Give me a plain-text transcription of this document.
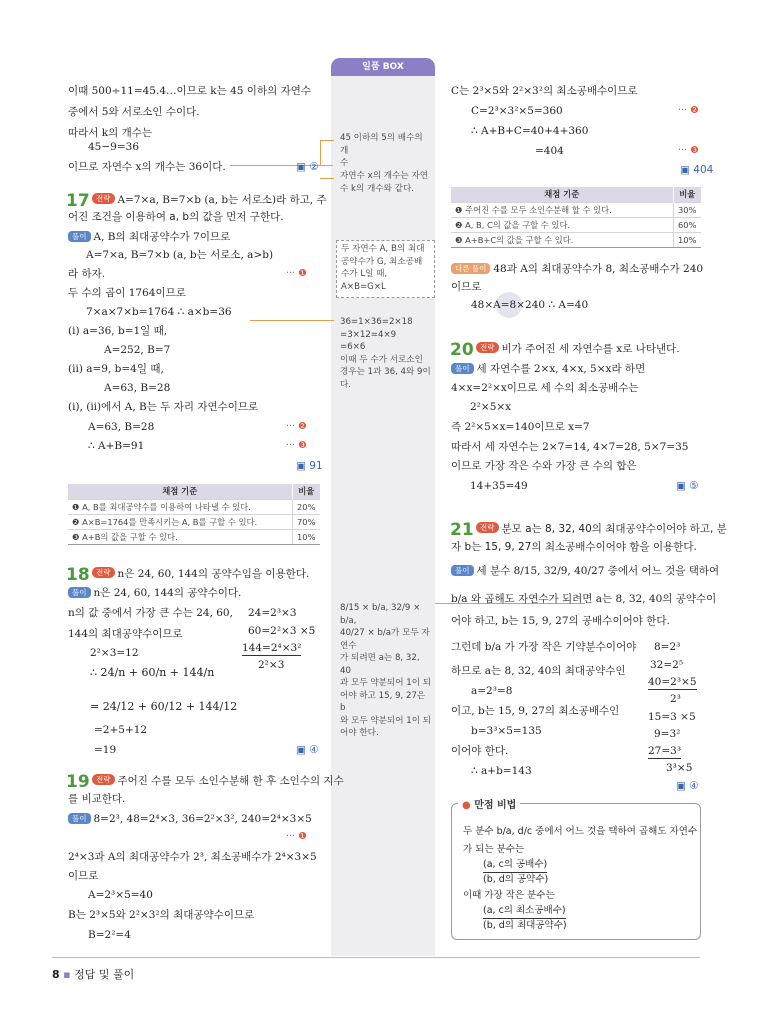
일품 BOX
45 이하의 5의 배수의 개
수
자연수 x의 개수는 자연
수 k의 개수와 같다.
두 자연수 A, B의 최대
공약수가 G, 최소공배
수가 L일 때,
A×B=G×L
36=1×36=2×18
=3×12=4×9
=6×6
이때 두 수가 서로소인
경우는 1과 36, 4와 9이
다.
8/15 × b/a, 32/9 × b/a,
40/27 × b/a가 모두 자연수
가 되려면 a는 8, 32, 40
과 모두 약분되어 1이 되
어야 하고 15, 9, 27은 b
와 모두 약분되어 1이 되
어야 한다.
이때 500÷11=45.4…이므로 k는 45 이하의 자연수
중에서 5와 서로소인 수이다.
따라서 k의 개수는
45−9=36
이므로 자연수 x의 개수는 36이다.	▣ ②
17 전략 A=7×a, B=7×b (a, b는 서로소)라 하고, 주
어진 조건을 이용하여 a, b의 값을 먼저 구한다.
풀이 A, B의 최대공약수가 7이므로
A=7×a, B=7×b (a, b는 서로소, a>b)
라 하자.	··· ❶
두 수의 곱이 1764이므로
7×a×7×b=1764 ∴ a×b=36
(i) a=36, b=1일 때,
A=252, B=7
(ii) a=9, b=4일 때,
A=63, B=28
(i), (ii)에서 A, B는 두 자리 자연수이므로
A=63, B=28	··· ❷
∴ A+B=91	··· ❸
▣ 91
채점 기준	비율
❶ A, B를 최대공약수를 이용하여 나타낼 수 있다.	20%
❷ A×B=1764를 만족시키는 A, B를 구할 수 있다.	70%
❸ A+B의 값을 구할 수 있다.	10%
18 전략 n은 24, 60, 144의 공약수임을 이용한다.
풀이 n은 24, 60, 144의 공약수이다.
n의 값 중에서 가장 큰 수는 24, 60,
144의 최대공약수이므로
2²×3=12
24=2³×3
60=2²×3 ×5
144=2⁴×3²
2²×3
∴ 24/n + 60/n + 144/n
= 24/12 + 60/12 + 144/12
=2+5+12
=19	▣ ④
19 전략 주어진 수를 모두 소인수분해 한 후 소인수의 지수
를 비교한다.
풀이 8=2³, 48=2⁴×3, 36=2²×3², 240=2⁴×3×5
··· ❶
2⁴×3과 A의 최대공약수가 2³, 최소공배수가 2⁴×3×5
이므로
A=2³×5=40
B는 2³×5와 2²×3²의 최대공약수이므로
B=2²=4
C는 2³×5와 2²×3²의 최소공배수이므로
C=2³×3²×5=360	··· ❷
∴ A+B+C=40+4+360
=404	··· ❸
▣ 404
채점 기준	비율
❶ 주어진 수를 모두 소인수분해 할 수 있다.	30%
❷ A, B, C의 값을 구할 수 있다.	60%
❸ A+B+C의 값을 구할 수 있다.	10%
다른 풀이 48과 A의 최대공약수가 8, 최소공배수가 240
이므로
48×A=8×240 ∴ A=40
20 전략 비가 주어진 세 자연수를 x로 나타낸다.
풀이 세 자연수를 2×x, 4×x, 5×x라 하면
4×x=2²×x이므로 세 수의 최소공배수는
2²×5×x
즉 2²×5×x=140이므로 x=7
따라서 세 자연수는 2×7=14, 4×7=28, 5×7=35
이므로 가장 작은 수와 가장 큰 수의 합은
14+35=49	▣ ⑤
21 전략 분모 a는 8, 32, 40의 최대공약수이어야 하고, 분
자 b는 15, 9, 27의 최소공배수이어야 함을 이용한다.
풀이 세 분수 8/15, 32/9, 40/27 중에서 어느 것을 택하여
b/a 와 곱해도 자연수가 되려면 a는 8, 32, 40의 공약수이
어야 하고, b는 15, 9, 27의 공배수이어야 한다.
그런데 b/a 가 가장 작은 기약분수이어야
하므로 a는 8, 32, 40의 최대공약수인
a=2³=8
이고, b는 15, 9, 27의 최소공배수인
b=3³×5=135
이어야 한다.
∴ a+b=143
8=2³
32=2⁵
40=2³×5
2³
15=3 ×5
9=3²
27=3³
3³×5
▣ ④
● 만점 비법
두 분수 b/a, d/c 중에서 어느 것을 택하여 곱해도 자연수
가 되는 분수는
(a, c의 공배수)
(b, d의 공약수)
이때 가장 작은 분수는
(a, c의 최소공배수)
(b, d의 최대공약수)
8 ▪ 정답 및 풀이
